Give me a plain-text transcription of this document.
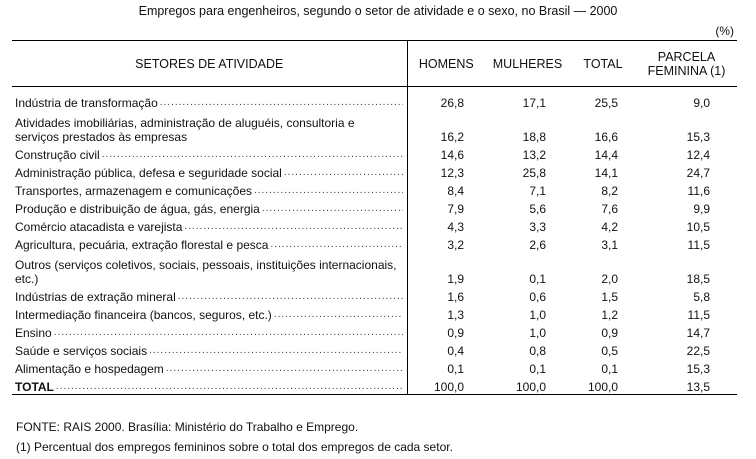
Empregos para engenheiros, segundo o setor de atividade e o sexo, no Brasil — 2000
(%)
SETORES DE ATIVIDADE	HOMENS	MULHERES	TOTAL	PARCELA
FEMININA (1)

Indústria de transformação
.....	26,8	17,1	25,5	9,0

Atividades imobiliárias, administração de aluguéis, consultoria e serviços prestados às empresas	16,2	18,8	16,6	15,3

Construção civil
.....	14,6	13,2	14,4	12,4

Administração pública, defesa e seguridade social
.....	12,3	25,8	14,1	24,7

Transportes, armazenagem e comunicações
.....	8,4	7,1	8,2	11,6

Produção e distribuição de água, gás, energia
.....	7,9	5,6	7,6	9,9

Comércio atacadista e varejista
.....	4,3	3,3	4,2	10,5

Agricultura, pecuária, extração florestal e pesca
.....	3,2	2,6	3,1	11,5

Outros (serviços coletivos, sociais, pessoais, instituições internacionais, etc.)	1,9	0,1	2,0	18,5

Indústrias de extração mineral
.....	1,6	0,6	1,5	5,8

Intermediação financeira (bancos, seguros, etc.)
.....	1,3	1,0	1,2	11,5

Ensino
.....	0,9	1,0	0,9	14,7

Saúde e serviços sociais
.....	0,4	0,8	0,5	22,5

Alimentação e hospedagem
.....	0,1	0,1	0,1	15,3

TOTAL
.....	100,0	100,0	100,0	13,5
FONTE: RAIS 2000. Brasília: Ministério do Trabalho e Emprego.
(1) Percentual dos empregos femininos sobre o total dos empregos de cada setor.
